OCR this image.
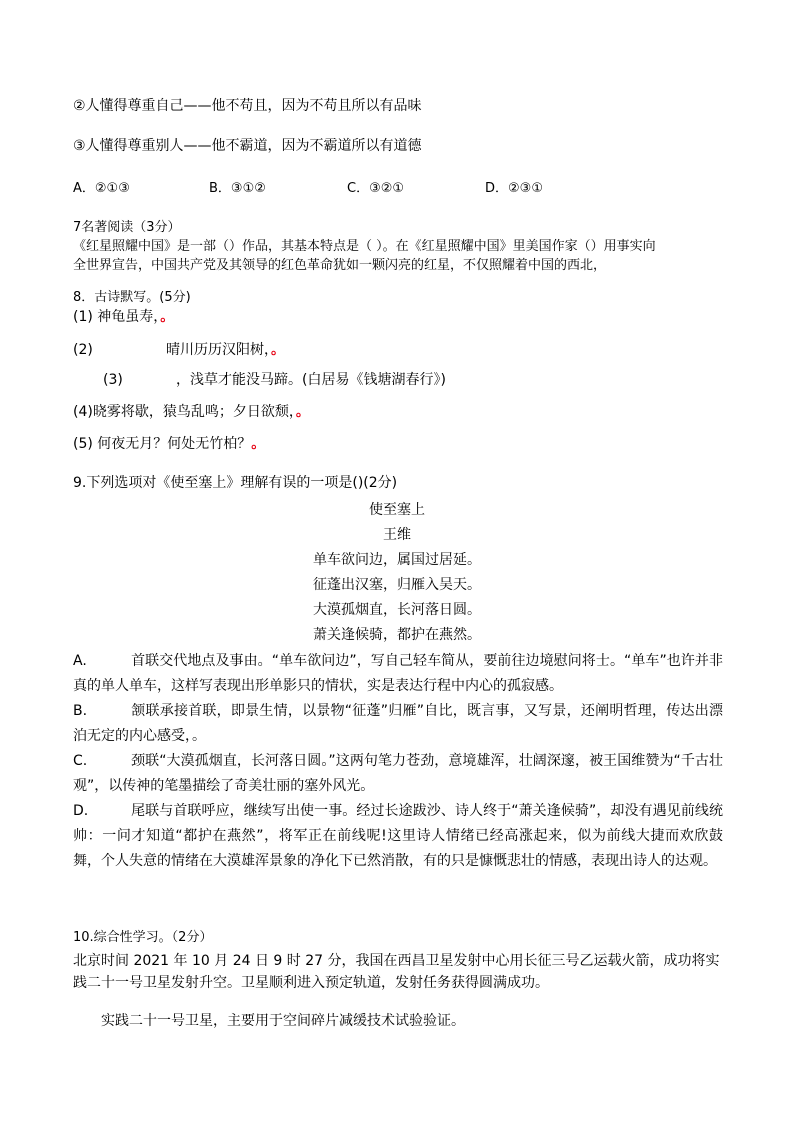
②人懂得尊重自己——他不苟且，因为不苟且所以有品味
③人懂得尊重别人——他不霸道，因为不霸道所以有道德
A．②①③	B．③①②	C．③②①	D．②③①
7名著阅读（3分）
《红星照耀中国》是一部（）作品，其基本特点是（ ）。在《红星照耀中国》里美国作家（）用事实向
全世界宣告，中国共产党及其领导的红色革命犹如一颗闪亮的红星，不仅照耀着中国的西北，
8．古诗默写。(5分)
(1) 神龟虽寿，。
(2)	晴川历历汉阳树，。
(3)	，浅草才能没马蹄。(白居易《钱塘湖春行》)
(4)晓雾将歇，猿鸟乱鸣；夕日欲颓，。
(5) 何夜无月？何处无竹柏？。
9.下列选项对《使至塞上》理解有误的一项是()(2分)
使至塞上
王维
单车欲问边，属国过居延。
征蓬出汉塞，归雁入吴天。
大漠孤烟直，长河落日圆。
萧关逢候骑，都护在燕然。
A.	首联交代地点及事由。“单车欲问边”，写自己轻车简从，要前往边境慰问将士。“单车”也许并非真的单人单车，这样写表现出形单影只的情状，实是表达行程中内心的孤寂感。
B.	颔联承接首联，即景生情，以景物“征蓬”归雁”自比，既言事，又写景，还阐明哲理，传达出漂泊无定的内心感受，。
C.	颈联“大漠孤烟直，长河落日圆。”这两句笔力苍劲，意境雄浑，壮阔深邃，被王国维赞为“千古壮观”，以传神的笔墨描绘了奇美壮丽的塞外风光。
D.	尾联与首联呼应，继续写出使一事。经过长途跋沙、诗人终于“萧关逢候骑”，却没有遇见前线统帅：一问才知道“都护在燕然”，将军正在前线呢!这里诗人情绪已经高涨起来，似为前线大捷而欢欣鼓舞，个人失意的情绪在大漠雄浑景象的净化下已然消散，有的只是慷慨悲壮的情感，表现出诗人的达观。
10.综合性学习。（2分）
北京时间 2021 年 10 月 24 日 9 时 27 分，我国在西昌卫星发射中心用长征三号乙运载火箭，成功将实
践二十一号卫星发射升空。卫星顺利进入预定轨道，发射任务获得圆满成功。
实践二十一号卫星，主要用于空间碎片减缓技术试验验证。
